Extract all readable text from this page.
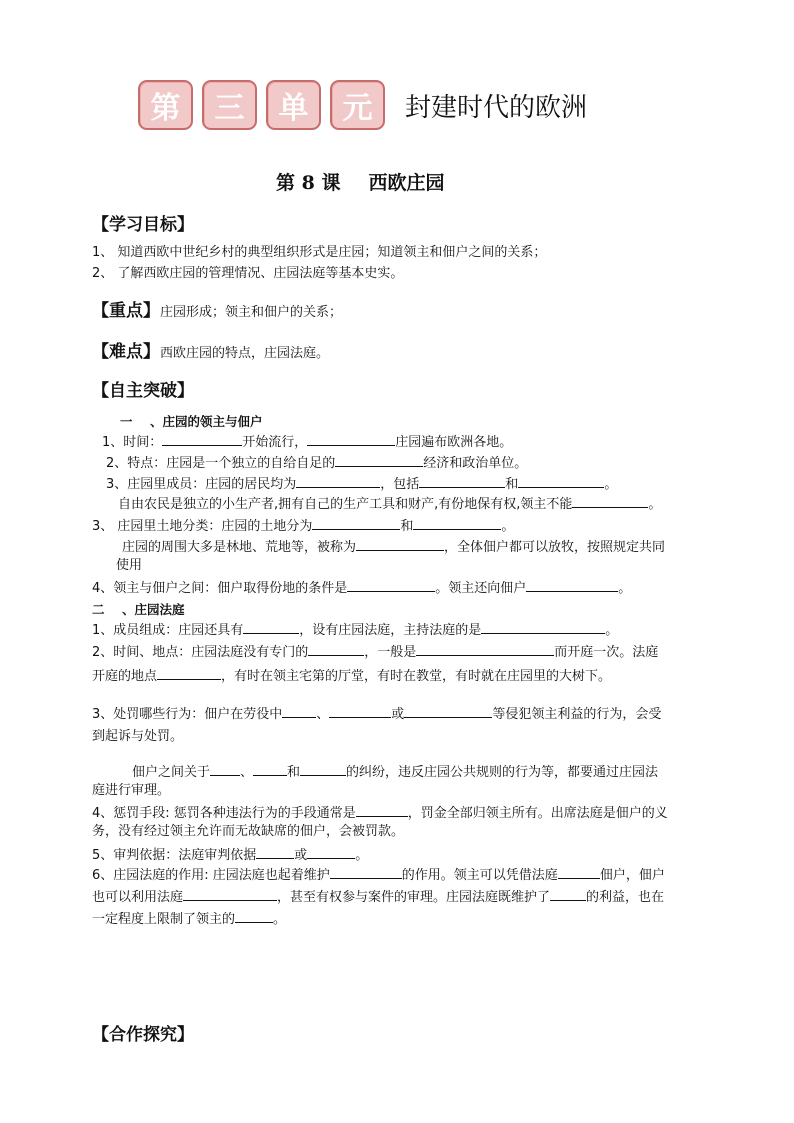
第	三	单	元	封建时代的欧洲
第 8 课 西欧庄园
【学习目标】
1、 知道西欧中世纪乡村的典型组织形式是庄园；知道领主和佃户之间的关系；
2、 了解西欧庄园的管理情况、庄园法庭等基本史实。
【重点】庄园形成；领主和佃户的关系；
【难点】西欧庄园的特点，庄园法庭。
【自主突破】
一 、庄园的领主与佃户
1、时间：	开始流行，	庄园遍布欧洲各地。
2、特点：庄园是一个独立的自给自足的	经济和政治单位。
3、庄园里成员：庄园的居民均为	，包括	和	。
自由农民是独立的小生产者,拥有自己的生产工具和财产,有份地保有权,领主不能	。
3、 庄园里土地分类：庄园的土地分为	和	。
庄园的周围大多是林地、荒地等，被称为	，全体佃户都可以放牧，按照规定共同
使用
4、领主与佃户之间：佃户取得份地的条件是	。领主还向佃户	。
二 、庄园法庭
1、成员组成：庄园还具有	，设有庄园法庭，主持法庭的是	。
2、时间、地点：庄园法庭没有专门的	，一般是	而开庭一次。法庭
开庭的地点	，有时在领主宅第的厅堂，有时在教堂，有时就在庄园里的大树下。
3、处罚哪些行为：佃户在劳役中	、	或	等侵犯领主利益的行为，会受
到起诉与处罚。
佃户之间关于 、	和	的纠纷，违反庄园公共规则的行为等，都要通过庄园法
庭进行审理。
4、惩罚手段: 惩罚各种违法行为的手段通常是	，罚金全部归领主所有。出席法庭是佃户的义
务，没有经过领主允许而无故缺席的佃户，会被罚款。
5、审判依据：法庭审判依据	或	。
6、庄园法庭的作用: 庄园法庭也起着维护	的作用。领主可以凭借法庭	佃户，佃户
也可以利用法庭	，甚至有权参与案件的审理。庄园法庭既维护了	的利益，也在
一定程度上限制了领主的	。
【合作探究】
